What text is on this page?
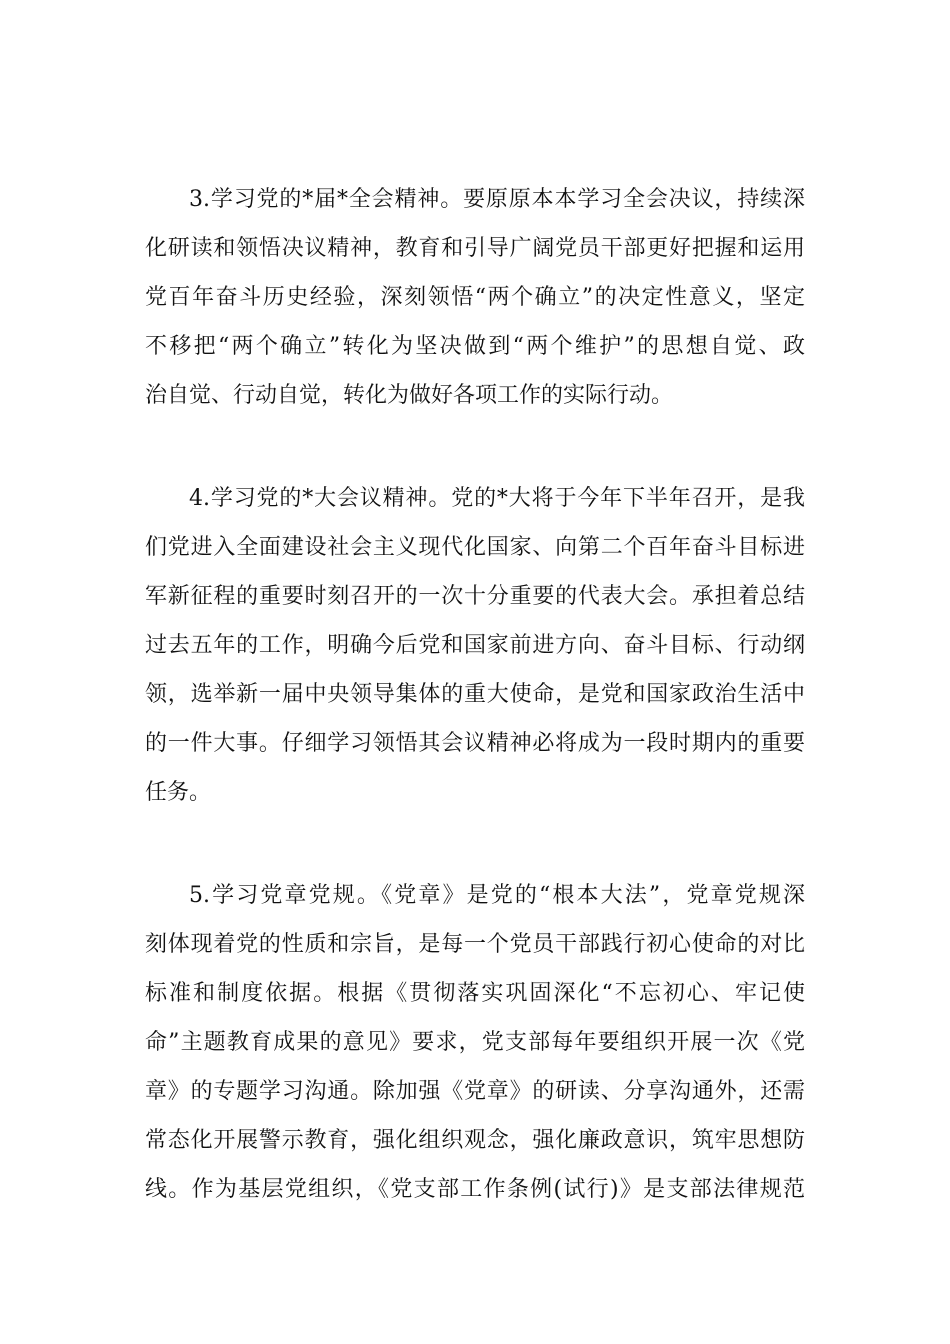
3.学习党的*届*全会精神。要原原本本学习全会决议，持续深
化研读和领悟决议精神，教育和引导广阔党员干部更好把握和运用
党百年奋斗历史经验，深刻领悟“两个确立”的决定性意义，坚定
不移把“两个确立”转化为坚决做到“两个维护”的思想自觉、政
治自觉、行动自觉，转化为做好各项工作的实际行动。
4.学习党的*大会议精神。党的*大将于今年下半年召开，是我
们党进入全面建设社会主义现代化国家、向第二个百年奋斗目标进
军新征程的重要时刻召开的一次十分重要的代表大会。承担着总结
过去五年的工作，明确今后党和国家前进方向、奋斗目标、行动纲
领，选举新一届中央领导集体的重大使命，是党和国家政治生活中
的一件大事。仔细学习领悟其会议精神必将成为一段时期内的重要
任务。
5.学习党章党规。《党章》是党的“根本大法”，党章党规深
刻体现着党的性质和宗旨，是每一个党员干部践行初心使命的对比
标准和制度依据。根据《贯彻落实巩固深化“不忘初心、牢记使
命”主题教育成果的意见》要求，党支部每年要组织开展一次《党
章》的专题学习沟通。除加强《党章》的研读、分享沟通外，还需
常态化开展警示教育，强化组织观念，强化廉政意识，筑牢思想防
线。作为基层党组织，《党支部工作条例(试行)》是支部法律规范
